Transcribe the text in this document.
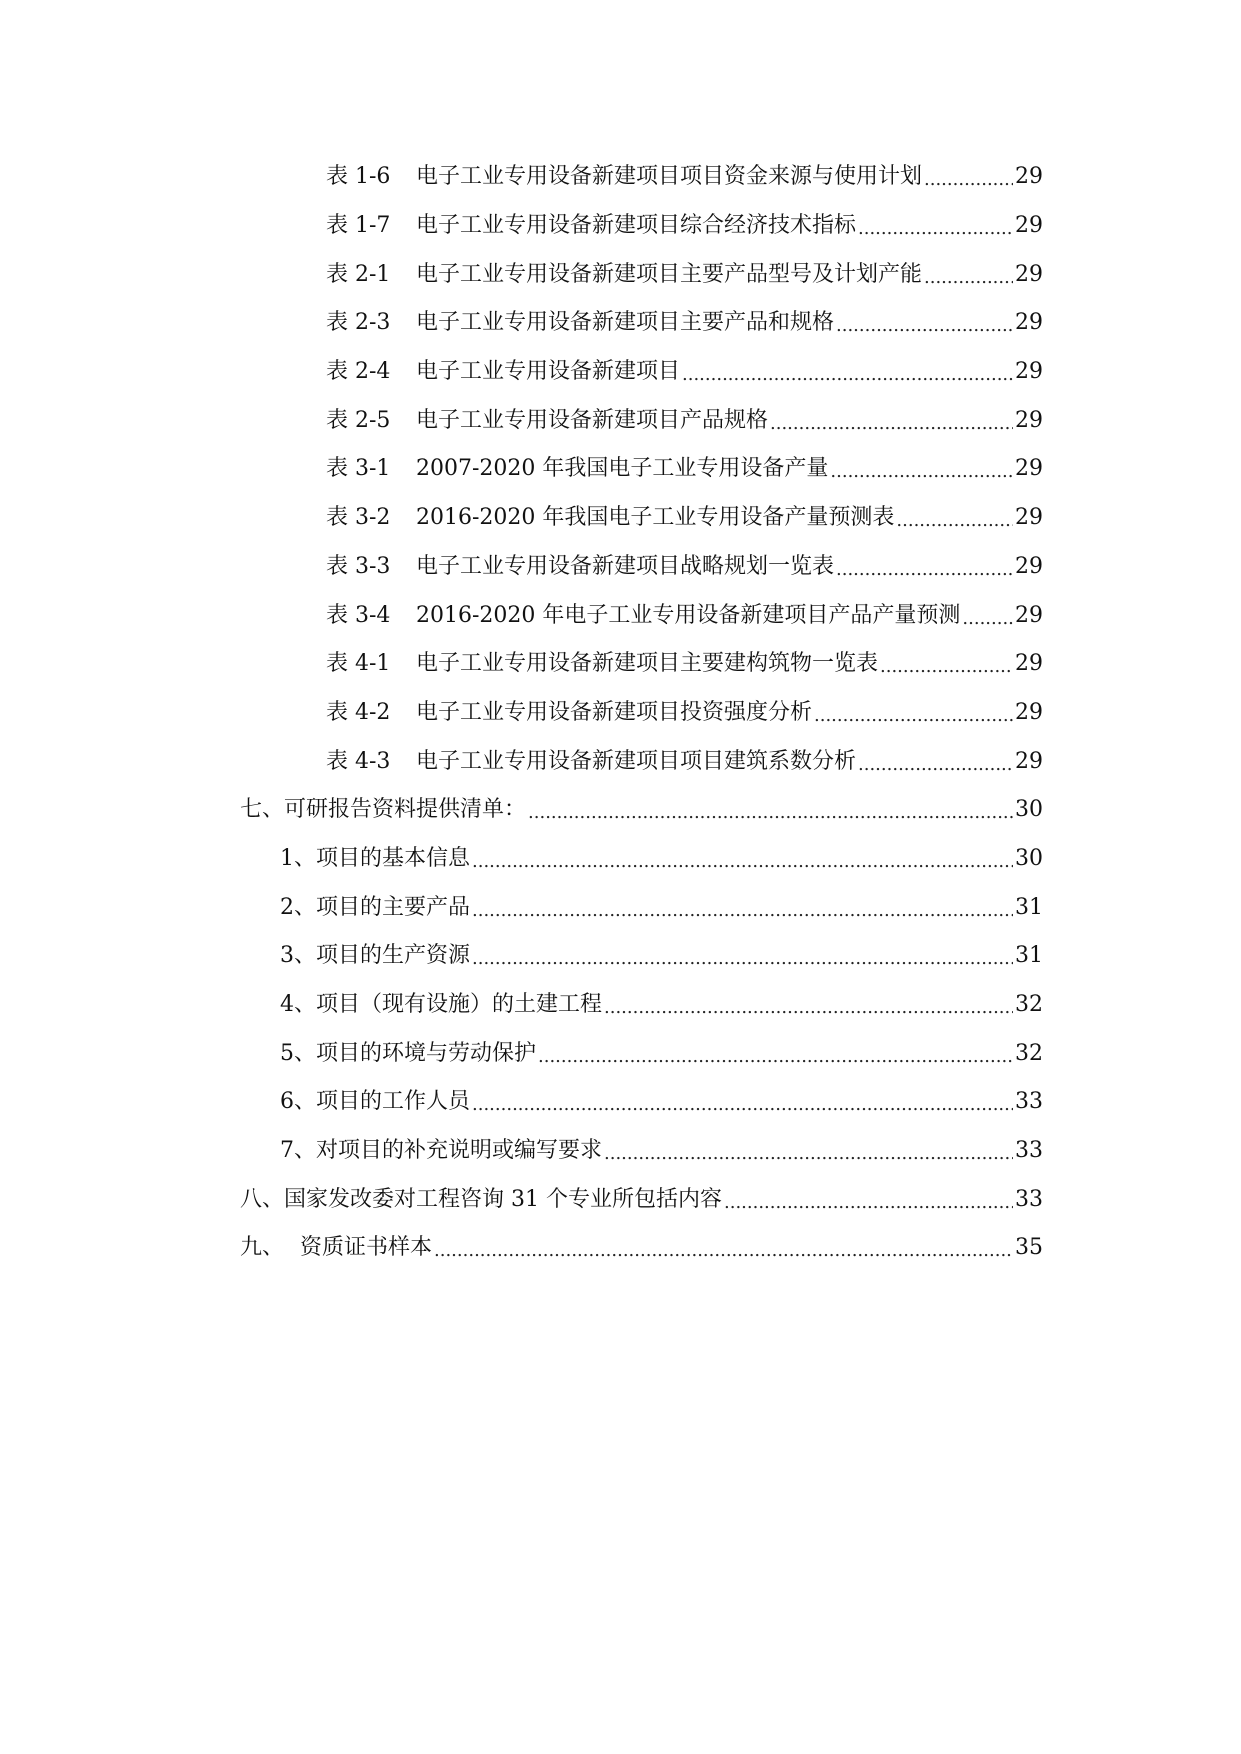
表 1-6	电子工业专用设备新建项目项目资金来源与使用计划 .....	29
表 1-7	电子工业专用设备新建项目综合经济技术指标 .....	29
表 2-1	电子工业专用设备新建项目主要产品型号及计划产能 .....	29
表 2-3	电子工业专用设备新建项目主要产品和规格 .....	29
表 2-4	电子工业专用设备新建项目 .....	29
表 2-5	电子工业专用设备新建项目产品规格 .....	29
表 3-1	2007-2020 年我国电子工业专用设备产量 .....	29
表 3-2	2016-2020 年我国电子工业专用设备产量预测表 .....	29
表 3-3	电子工业专用设备新建项目战略规划一览表 .....	29
表 3-4	2016-2020 年电子工业专用设备新建项目产品产量预测 ..... 29
表 4-1	电子工业专用设备新建项目主要建构筑物一览表 .....	29
表 4-2	电子工业专用设备新建项目投资强度分析 .....	29
表 4-3	电子工业专用设备新建项目项目建筑系数分析 .....	29
七、 可研报告资料提供清单： .....	30
1、 项目的基本信息 .....	30
2、 项目的主要产品 .....	31
3、 项目的生产资源 .....	31
4、 项目（现有设施）的土建工程 .....	32
5、 项目的环境与劳动保护 .....	32
6、 项目的工作人员 .....	33
7、 对项目的补充说明或编写要求 .....	33
八、 国家发改委对工程咨询 31 个专业所包括内容 .....	33
九、 资质证书样本 .....	35
